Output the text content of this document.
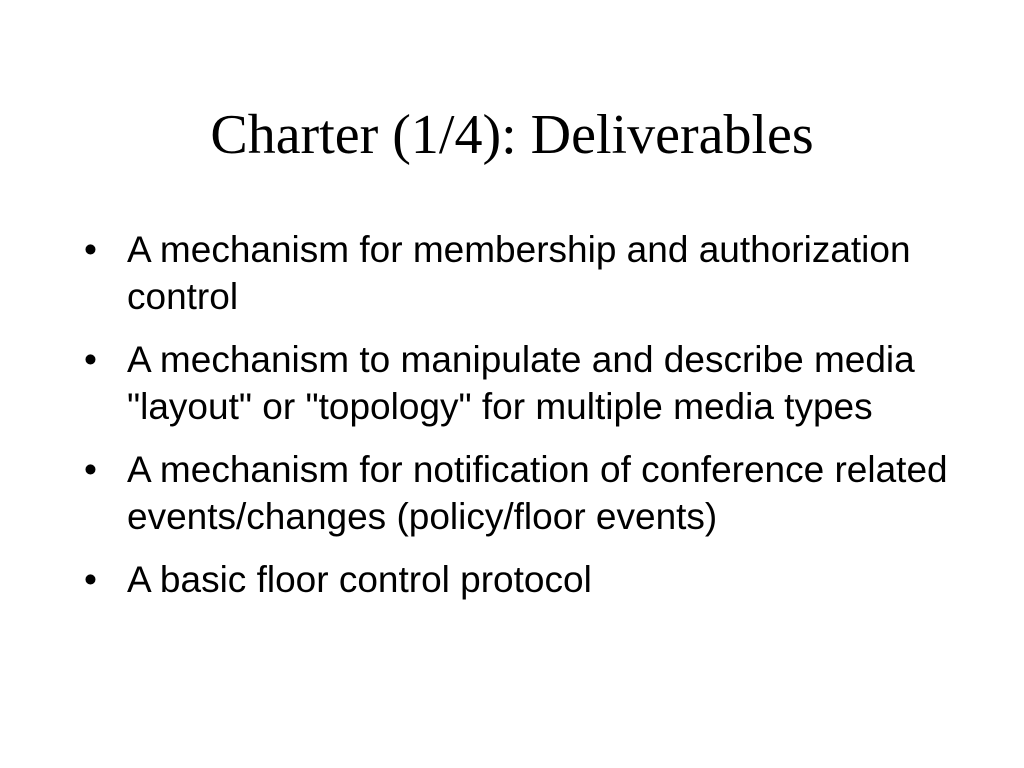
Charter (1/4): Deliverables
• A mechanism for membership and authorization control
• A mechanism to manipulate and describe media "layout" or "topology" for multiple media types
• A mechanism for notification of conference related events/changes (policy/floor events)
• A basic floor control protocol
